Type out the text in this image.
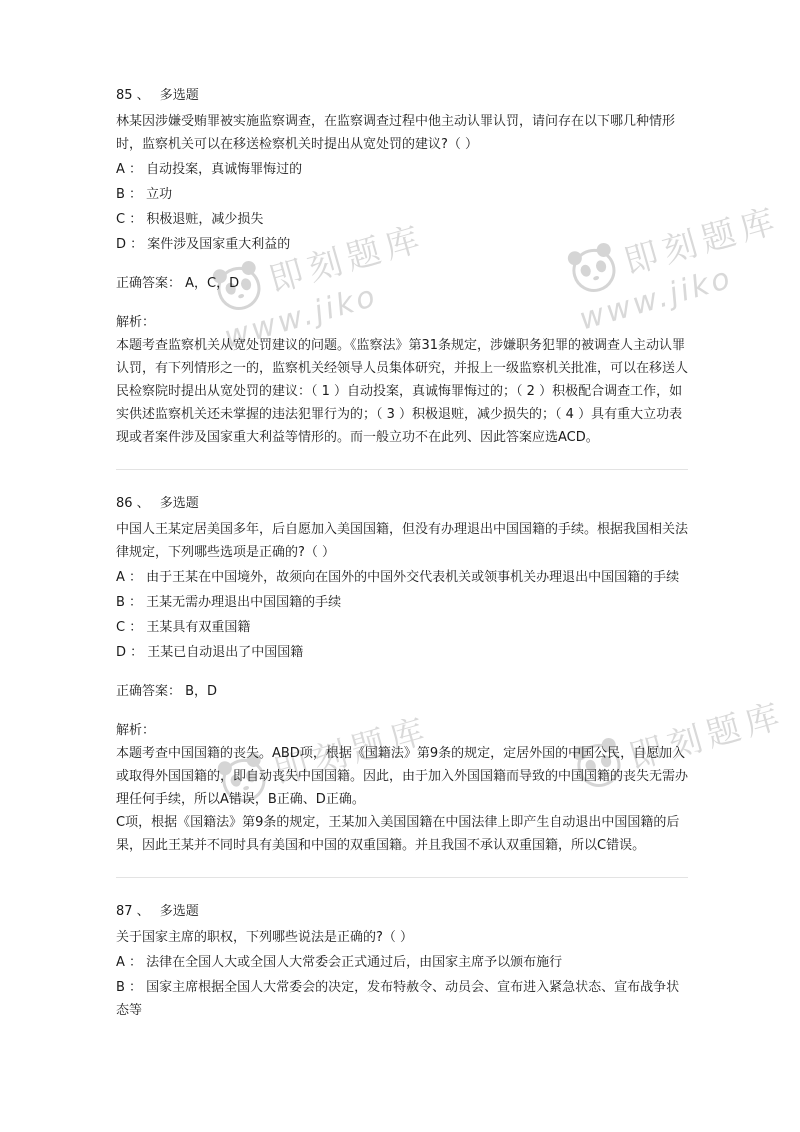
即刻题库
www.jiko
即刻题库
www.jiko
即刻题库	即刻题库

85 、 多选题

林某因涉嫌受贿罪被实施监察调查，在监察调查过程中他主动认罪认罚，请问存在以下哪几种情形时，监察机关可以在移送检察机关时提出从宽处罚的建议?（ ）

A ： 自动投案，真诚悔罪悔过的

B ： 立功

C ： 积极退赃，减少损失

D ： 案件涉及国家重大利益的

正确答案： A，C，D

解析：

本题考查监察机关从宽处罚建议的问题。《监察法》第31条规定，涉嫌职务犯罪的被调查人主动认罪认罚，有下列情形之一的，监察机关经领导人员集体研究，并报上一级监察机关批准，可以在移送人民检察院时提出从宽处罚的建议：（ 1 ）自动投案，真诚悔罪悔过的；（ 2 ）积极配合调查工作，如实供述监察机关还未掌握的违法犯罪行为的；（ 3 ）积极退赃，减少损失的；（ 4 ）具有重大立功表现或者案件涉及国家重大利益等情形的。而一般立功不在此列、因此答案应选ACD。

86 、 多选题

中国人王某定居美国多年，后自愿加入美国国籍，但没有办理退出中国国籍的手续。根据我国相关法律规定，下列哪些选项是正确的?（ ）

A ： 由于王某在中国境外，故须向在国外的中国外交代表机关或领事机关办理退出中国国籍的手续

B ： 王某无需办理退出中国国籍的手续

C ： 王某具有双重国籍

D ： 王某已自动退出了中国国籍

正确答案： B，D

解析：

本题考查中国国籍的丧失。ABD项，根据《国籍法》第9条的规定，定居外国的中国公民，自愿加入或取得外国国籍的，即自动丧失中国国籍。因此，由于加入外国国籍而导致的中国国籍的丧失无需办理任何手续，所以A错误，B正确、D正确。

C项，根据《国籍法》第9条的规定，王某加入美国国籍在中国法律上即产生自动退出中国国籍的后果，因此王某并不同时具有美国和中国的双重国籍。并且我国不承认双重国籍，所以C错误。

87 、 多选题

关于国家主席的职权，下列哪些说法是正确的?（ ）

A ： 法律在全国人大或全国人大常委会正式通过后，由国家主席予以颁布施行

B ： 国家主席根据全国人大常委会的决定，发布特赦令、动员会、宣布进入紧急状态、宣布战争状态等
